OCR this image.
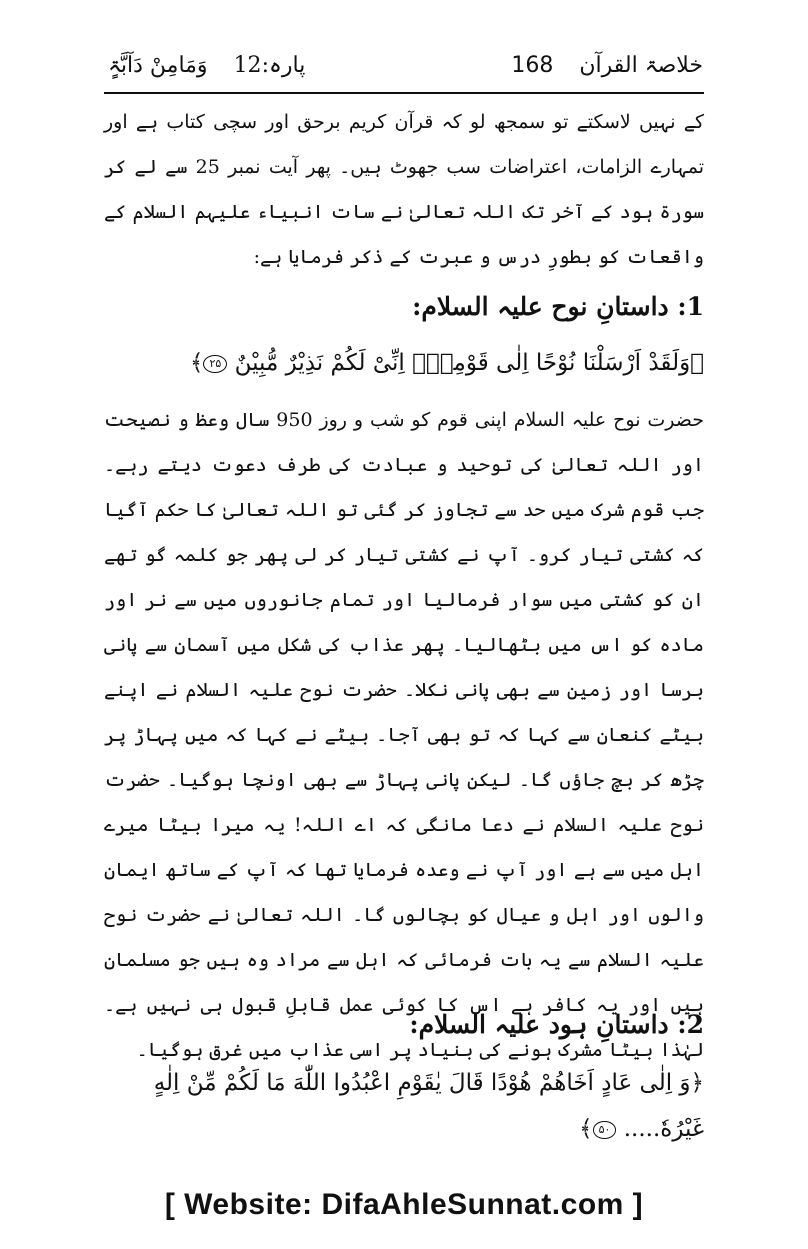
خلاصۃ القرآن
168
پارہ:12
وَمَامِنْ دَآبَّۃٍ
کے نہیں لاسکتے تو سمجھ لو کہ قرآن کریم برحق اور سچی کتاب ہے اور تمہارے الزامات، اعتراضات سب جھوٹ ہیں۔ پھر آیت نمبر 25 سے لے کر سورۃ ہود کے آخر تک اللہ تعالیٰ نے سات انبیاء علیہم السلام کے واقعات کو بطورِ درس و عبرت کے ذکر فرمایا ہے:
1: داستانِ نوح علیہ السلام:
﴿وَلَقَدْ اَرْسَلْنَا نُوْحًا اِلٰی قَوْمِهٖۤ اِنِّیْ لَكُمْ نَذِیْرٌ مُّبِیْنٌ ۲۵﴾
حضرت نوح علیہ السلام اپنی قوم کو شب و روز 950 سال وعظ و نصیحت اور اللہ تعالیٰ کی توحید و عبادت کی طرف دعوت دیتے رہے۔ جب قوم شرک میں حد سے تجاوز کر گئی تو اللہ تعالیٰ کا حکم آگیا کہ کشتی تیار کرو۔ آپ نے کشتی تیار کر لی پھر جو کلمہ گو تھے ان کو کشتی میں سوار فرمالیا اور تمام جانوروں میں سے نر اور مادہ کو اس میں بٹھالیا۔ پھر عذاب کی شکل میں آسمان سے پانی برسا اور زمین سے بھی پانی نکلا۔ حضرت نوح علیہ السلام نے اپنے بیٹے کنعان سے کہا کہ تو بھی آجا۔ بیٹے نے کہا کہ میں پہاڑ پر چڑھ کر بچ جاؤں گا۔ لیکن پانی پہاڑ سے بھی اونچا ہوگیا۔ حضرت نوح علیہ السلام نے دعا مانگی کہ اے اللہ! یہ میرا بیٹا میرے اہل میں سے ہے اور آپ نے وعدہ فرمایا تھا کہ آپ کے ساتھ ایمان والوں اور اہل و عیال کو بچالوں گا۔ اللہ تعالیٰ نے حضرت نوح علیہ السلام سے یہ بات فرمائی کہ اہل سے مراد وہ ہیں جو مسلمان ہیں اور یہ کافر ہے اس کا کوئی عمل قابلِ قبول ہی نہیں ہے۔ لہٰذا بیٹا مشرک ہونے کی بنیاد پر اسی عذاب میں غرق ہوگیا۔
2: داستانِ ہود علیہ السلام:
﴿وَ اِلٰی عَادٍ اَخَاهُمْ هُوْدًا قَالَ یٰقَوْمِ اعْبُدُوا اللّٰهَ مَا لَكُمْ مِّنْ اِلٰهٍ غَیْرُهٗ..... ۵۰﴾
[ Website: DifaAhleSunnat.com ]
